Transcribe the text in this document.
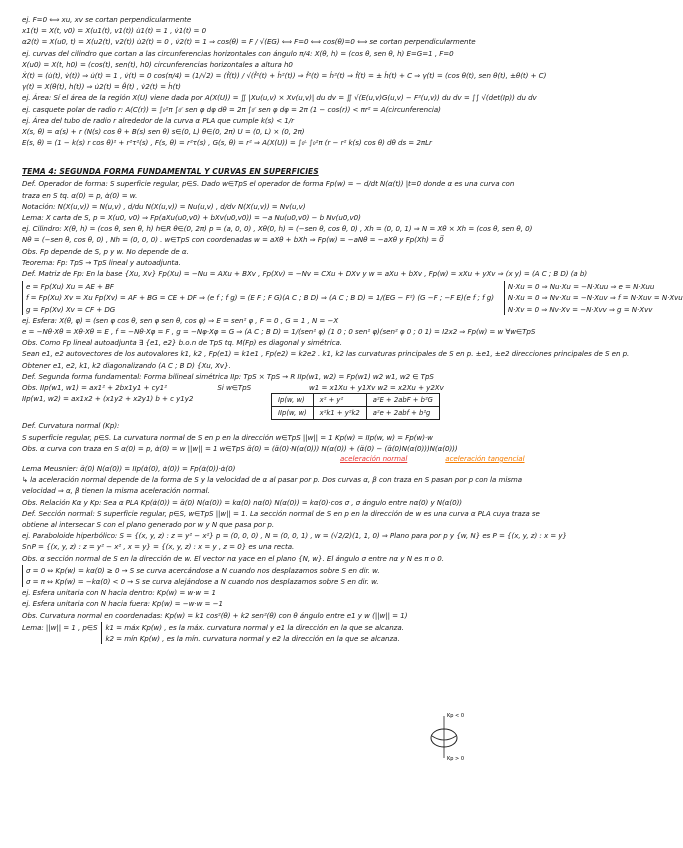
ej. F=0 ⟺ xu, xv se cortan perpendicularmente
x1(t) = X(t, v0) = X(u1(t), v1(t)) u̇1(t) = 1 , v̇1(t) = 0
α2(t) = X(u0, t) = X(u2(t), v2(t)) u̇2(t) = 0 , v̇2(t) = 1 ⇒ cos(θ) = F / √(EG) ⟺ F=0 ⟺ cos(θ)=0 ⟺ se cortan perpendicularmente
ej. curvas del cilindro que cortan a las circunferencias horizontales con ángulo π/4: X(θ, h) = (cos θ, sen θ, h) E=G=1 , F=0
X(u0) = X(t, h0) = (cos(t), sen(t), h0) circunferencias horizontales a altura h0
Ẋ(t) = (u̇(t), v̇(t)) ⇒ u̇(t) = 1 , v̇(t) = 0 cos(π/4) = (1/√2) = (ḟ(t)) / √(ḟ²(t) + ḣ²(t)) ⇒ ḟ²(t) = ḣ²(t) ⇒ ḟ(t) = ± ḣ(t) + C ⇒ γ(t) = (cos θ(t), sen θ(t), ±θ(t) + C)
γ(t) = X(θ(t), h(t)) ⇒ u̇2(t) = θ̇(t) , v̇2(t) = ḣ(t)
ej. Área: Sí el área de la región X(U) viene dada por A(X(U)) = ∬ |Xu(u,v) × Xv(u,v)| du dv = ∬ √(E(u,v)G(u,v) − F²(u,v)) du dv = ∫∫ √(det(Ip)) du dv
ej. casquete polar de radio r: A(C(r)) = ∫₀²π ∫₀ʳ sen φ dφ dθ = 2π ∫₀ʳ sen φ dφ = 2π (1 − cos(r)) < πr² = A(circunferencia)
ej. Área del tubo de radio r alrededor de la curva α PLA que cumple k(s) < 1/r
X(s, θ) = α(s) + r (N(s) cos θ + B(s) sen θ) s∈(0, L) θ∈(0, 2π) U = (0, L) × (0, 2π)
E(s, θ) = (1 − k(s) r cos θ)² + r²τ²(s) , F(s, θ) = r²τ(s) , G(s, θ) = r² ⇒ A(X(U)) = ∫₀ᴸ ∫₀²π (r − r² k(s) cos θ) dθ ds = 2πLr
TEMA 4: SEGUNDA FORMA FUNDAMENTAL Y CURVAS EN SUPERFICIES
Def. Operador de forma: S superficie regular, p∈S. Dado w∈TpS el operador de forma Fp(w) = − d/dt N(α(t)) |t=0 donde α es una curva con
traza en S tq. α(0) = p, α̇(0) = w.
Notación: N(X(u,v)) = N(u,v) , d/du N(X(u,v)) = Nu(u,v) , d/dv N(X(u,v)) = Nv(u,v)
Lema: X carta de S, p = X(u0, v0) ⇒ Fp(aXu(u0,v0) + bXv(u0,v0)) = −a Nu(u0,v0) − b Nv(u0,v0)
ej. Cilindro: X(θ, h) = (cos θ, sen θ, h) h∈R θ∈(0, 2π) p = (a, 0, 0) , Xθ(0, h) = (−sen θ, cos θ, 0) , Xh = (0, 0, 1) ⇒ N = Xθ × Xh = (cos θ, sen θ, 0)
Nθ = (−sen θ, cos θ, 0) , Nh = (0, 0, 0) . w∈TpS con coordenadas w = aXθ + bXh ⇒ Fp(w) = −aNθ = −aXθ y Fp(Xh) = 0⃗
Obs. Fp depende de S, p y w. No depende de α.
Teorema: Fp: TpS → TpS lineal y autoadjunta.
Def. Matriz de Fp: En la base {Xu, Xv} Fp(Xu) = −Nu = AXu + BXv , Fp(Xv) = −Nv = CXu + DXv y w = aXu + bXv , Fp(w) = xXu + yXv ⇒ (x y) = (A C ; B D) (a b)
e = Fp(Xu) Xu = AE + BF
f = Fp(Xu) Xv = Xu Fp(Xv) = AF + BG = CE + DF ⇒ (e f ; f g) = (E F ; F G)(A C ; B D) ⇒ (A C ; B D) = 1/(EG − F²) (G −F ; −F E)(e f ; f g)
g = Fp(Xv) Xv = CF + DG
N·Xu = 0 ⇒ Nu·Xu = −N·Xuu ⇒ e = N·Xuu
N·Xu = 0 ⇒ Nv·Xu = −N·Xuv ⇒ f = N·Xuv = N·Xvu
N·Xv = 0 ⇒ Nv·Xv = −N·Xvv ⇒ g = N·Xvv
ej. Esfera: X(θ, φ) = (sen φ cos θ, sen φ sen θ, cos φ) ⇒ E = sen² φ , F = 0 , G = 1 , N = −X
e = −Nθ·Xθ = Xθ·Xθ = E , f = −Nθ·Xφ = F , g = −Nφ·Xφ = G ⇒ (A C ; B D) = 1/(sen² φ) (1 0 ; 0 sen² φ)(sen² φ 0 ; 0 1) = I2x2 ⇒ Fp(w) = w ∀w∈TpS
Obs. Como Fp lineal autoadjunta ∃ {e1, e2} b.o.n de TpS tq. M(Fp) es diagonal y simétrica.
Sean e1, e2 autovectores de los autovalores k1, k2 , Fp(e1) = k1e1 , Fp(e2) = k2e2 . k1, k2 las curvaturas principales de S en p. ±e1, ±e2 direcciones principales de S en p.
Obtener e1, e2, k1, k2 diagonalizando (A C ; B D) {Xu, Xv}.
Def. Segunda forma fundamental: Forma bilineal simétrica IIp: TpS × TpS → R IIp(w1, w2) = Fp(w1) w2 w1, w2 ∈ TpS
Obs. IIp(w1, w1) = ax1² + 2bx1y1 + cy1²
IIp(w1, w2) = ax1x2 + (x1y2 + x2y1) b + c y1y2
Si w∈TpS	w1 = x1Xu + y1Xv w2 = x2Xu + y2Xv
Ip(w, w)	x² + y²	a²E + 2abF + b²G
IIp(w, w)	x²k1 + y²k2	a²e + 2abf + b²g
Def. Curvatura normal (Kp):
S superficie regular, p∈S. La curvatura normal de S en p en la dirección w∈TpS ||w|| = 1 Kp(w) = IIp(w, w) = Fp(w)·w
Obs. α curva con traza en S α(0) = p, α̇(0) = w ||w|| = 1 w∈TpS α̈(0) = (α̈(0)·N(α(0))) N(α(0)) + (α̈(0) − (α̈(0)N(α(0)))N(α(0)))
aceleración normal	aceleración tangencial
Lema Meusnier: α̈(0) N(α(0)) = IIp(α̇(0), α̇(0)) = Fp(α̇(0))·α̇(0)
↳ la aceleración normal depende de la forma de S y la velocidad de α al pasar por p. Dos curvas α, β con traza en S pasan por p con la misma
velocidad ⇒ α, β tienen la misma aceleración normal.
Obs. Relación Kα y Kp: Sea α PLA Kp(α̇(0)) = α̈(0) N(α(0)) = kα(0) nα(0) N(α(0)) = kα(0)·cos σ , σ ángulo entre nα(0) y N(α(0))
Def. Sección normal: S superficie regular, p∈S, w∈TpS ||w|| = 1. La sección normal de S en p en la dirección de w es una curva α PLA cuya traza se
obtiene al intersecar S con el plano generado por w y N que pasa por p.
ej. Paraboloide hiperbólico: S = {(x, y, z) : z = y² − x²} p = (0, 0, 0) , N = (0, 0, 1) , w = (√2/2)(1, 1, 0) ⇒ Plano para por p y {w, N} es P = {(x, y, z) : x = y}
S∩P = {(x, y, z) : z = y² − x² , x = y} = {(x, y, z) : x = y , z = 0} es una recta.
Obs. α sección normal de S en la dirección de w. El vector nα yace en el plano {N, w}. El ángulo σ entre nα y N es π o 0.
σ = 0 ⇔ Kp(w) = kα(0) ≥ 0 → S se curva acercándose a N cuando nos desplazamos sobre S en dir. w.
σ = π ⇔ Kp(w) = −kα(0) < 0 → S se curva alejándose a N cuando nos desplazamos sobre S en dir. w.
ej. Esfera unitaria con N hacia dentro: Kp(w) = w·w = 1
ej. Esfera unitaria con N hacia fuera: Kp(w) = −w·w = −1
Obs. Curvatura normal en coordenadas: Kp(w) = k1 cos²(θ) + k2 sen²(θ) con θ ángulo entre e1 y w (||w|| = 1)
Lema: ||w|| = 1 , p∈S	k1 = máx Kp(w) , es la máx. curvatura normal y e1 la dirección en la que se alcanza.
k2 = mín Kp(w) , es la mín. curvatura normal y e2 la dirección en la que se alcanza.
Kp < 0
Kp > 0
